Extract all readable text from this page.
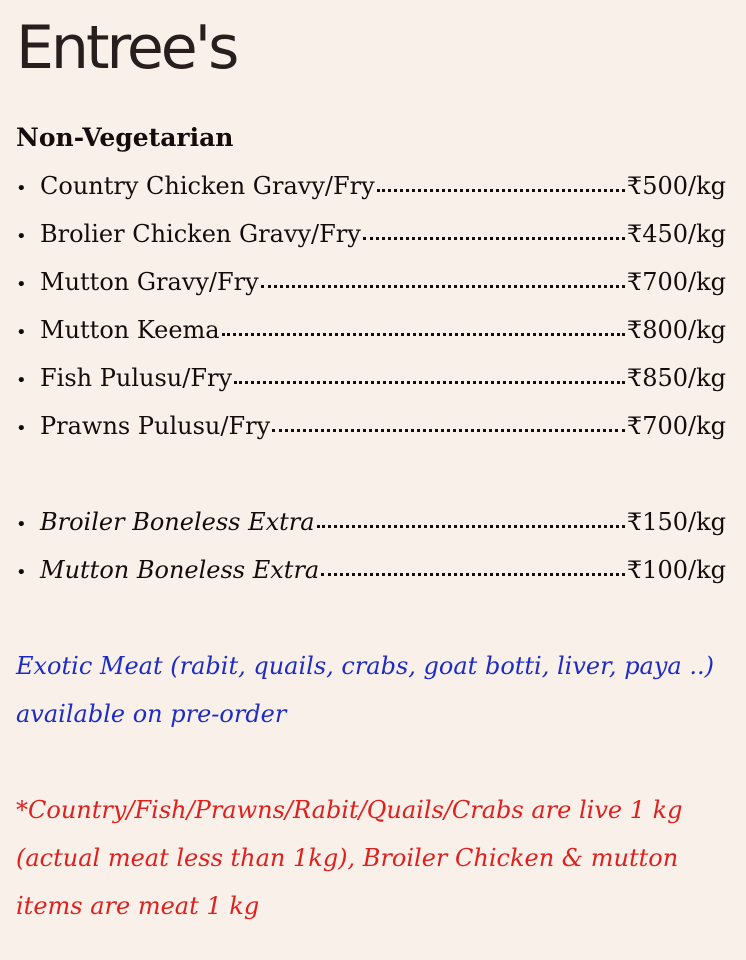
Entree's
Non-Vegetarian
• Country Chicken Gravy/Fry	₹500/kg
• Brolier Chicken Gravy/Fry	₹450/kg
• Mutton Gravy/Fry	₹700/kg
• Mutton Keema	₹800/kg
• Fish Pulusu/Fry	₹850/kg
• Prawns Pulusu/Fry	₹700/kg
• Broiler Boneless Extra	₹150/kg
• Mutton Boneless Extra	₹100/kg

Exotic Meat (rabit, quails, crabs, goat botti, liver, paya ..) available on pre-order

*Country/Fish/Prawns/Rabit/Quails/Crabs are live 1 kg (actual meat less than 1kg), Broiler Chicken & mutton items are meat 1 kg
